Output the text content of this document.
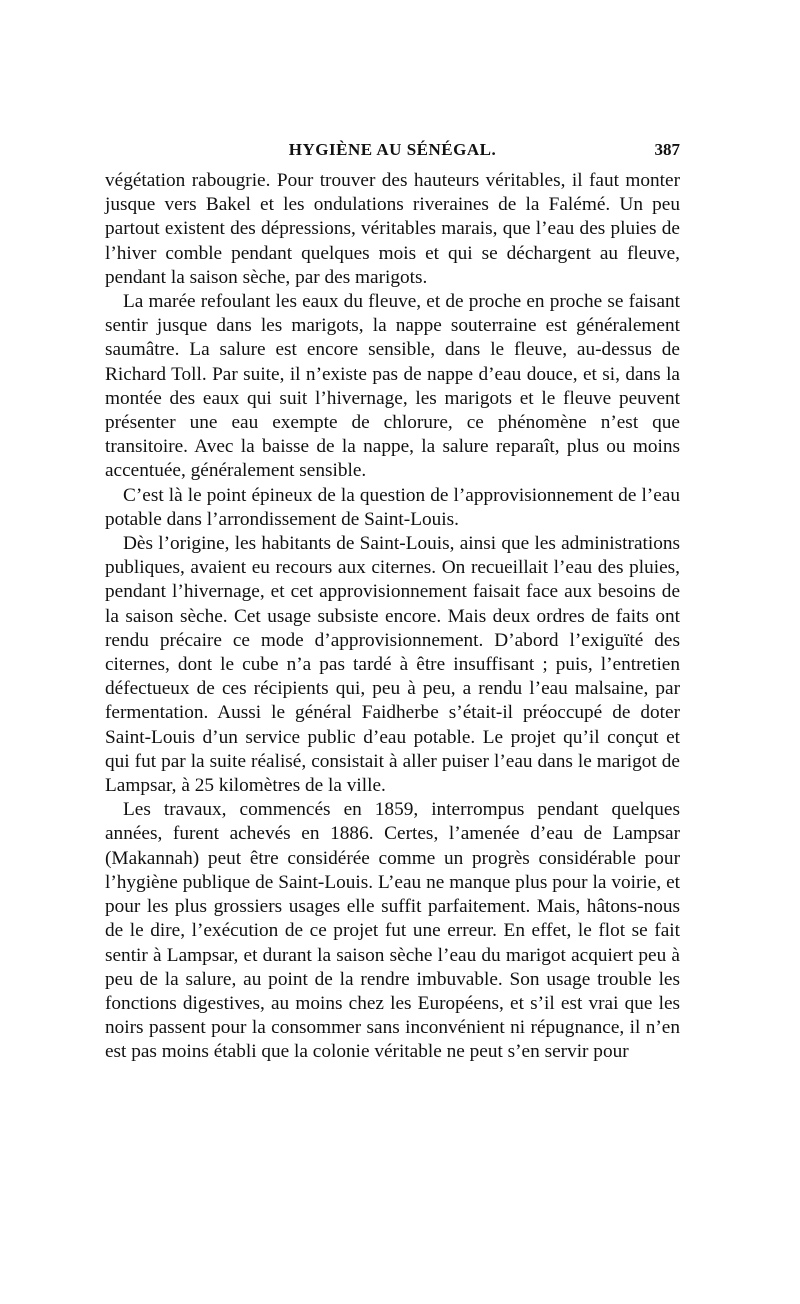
HYGIÈNE AU SÉNÉGAL.	387

végétation rabougrie. Pour trouver des hauteurs véritables, il faut monter jusque vers Bakel et les ondulations riveraines de la Falémé. Un peu partout existent des dépressions, véritables marais, que l’eau des pluies de l’hiver comble pendant quelques mois et qui se déchargent au fleuve, pendant la saison sèche, par des marigots.

La marée refoulant les eaux du fleuve, et de proche en proche se faisant sentir jusque dans les marigots, la nappe souterraine est généralement saumâtre. La salure est encore sensible, dans le fleuve, au-dessus de Richard Toll. Par suite, il n’existe pas de nappe d’eau douce, et si, dans la montée des eaux qui suit l’hivernage, les marigots et le fleuve peuvent présenter une eau exempte de chlorure, ce phénomène n’est que transitoire. Avec la baisse de la nappe, la salure reparaît, plus ou moins accentuée, généralement sensible.

C’est là le point épineux de la question de l’approvisionnement de l’eau potable dans l’arrondissement de Saint-Louis.

Dès l’origine, les habitants de Saint-Louis, ainsi que les administrations publiques, avaient eu recours aux citernes. On recueillait l’eau des pluies, pendant l’hivernage, et cet approvisionnement faisait face aux besoins de la saison sèche. Cet usage subsiste encore. Mais deux ordres de faits ont rendu précaire ce mode d’approvisionnement. D’abord l’exiguïté des citernes, dont le cube n’a pas tardé à être insuffisant ; puis, l’entretien défectueux de ces récipients qui, peu à peu, a rendu l’eau malsaine, par fermentation. Aussi le général Faidherbe s’était-il préoccupé de doter Saint-Louis d’un service public d’eau potable. Le projet qu’il conçut et qui fut par la suite réalisé, consistait à aller puiser l’eau dans le marigot de Lampsar, à 25 kilomètres de la ville.

Les travaux, commencés en 1859, interrompus pendant quelques années, furent achevés en 1886. Certes, l’amenée d’eau de Lampsar (Makannah) peut être considérée comme un progrès considérable pour l’hygiène publique de Saint-Louis. L’eau ne manque plus pour la voirie, et pour les plus grossiers usages elle suffit parfaitement. Mais, hâtons-nous de le dire, l’exécution de ce projet fut une erreur. En effet, le flot se fait sentir à Lampsar, et durant la saison sèche l’eau du marigot acquiert peu à peu de la salure, au point de la rendre imbuvable. Son usage trouble les fonctions digestives, au moins chez les Européens, et s’il est vrai que les noirs passent pour la consommer sans inconvénient ni répugnance, il n’en est pas moins établi que la colonie véritable ne peut s’en servir pour
